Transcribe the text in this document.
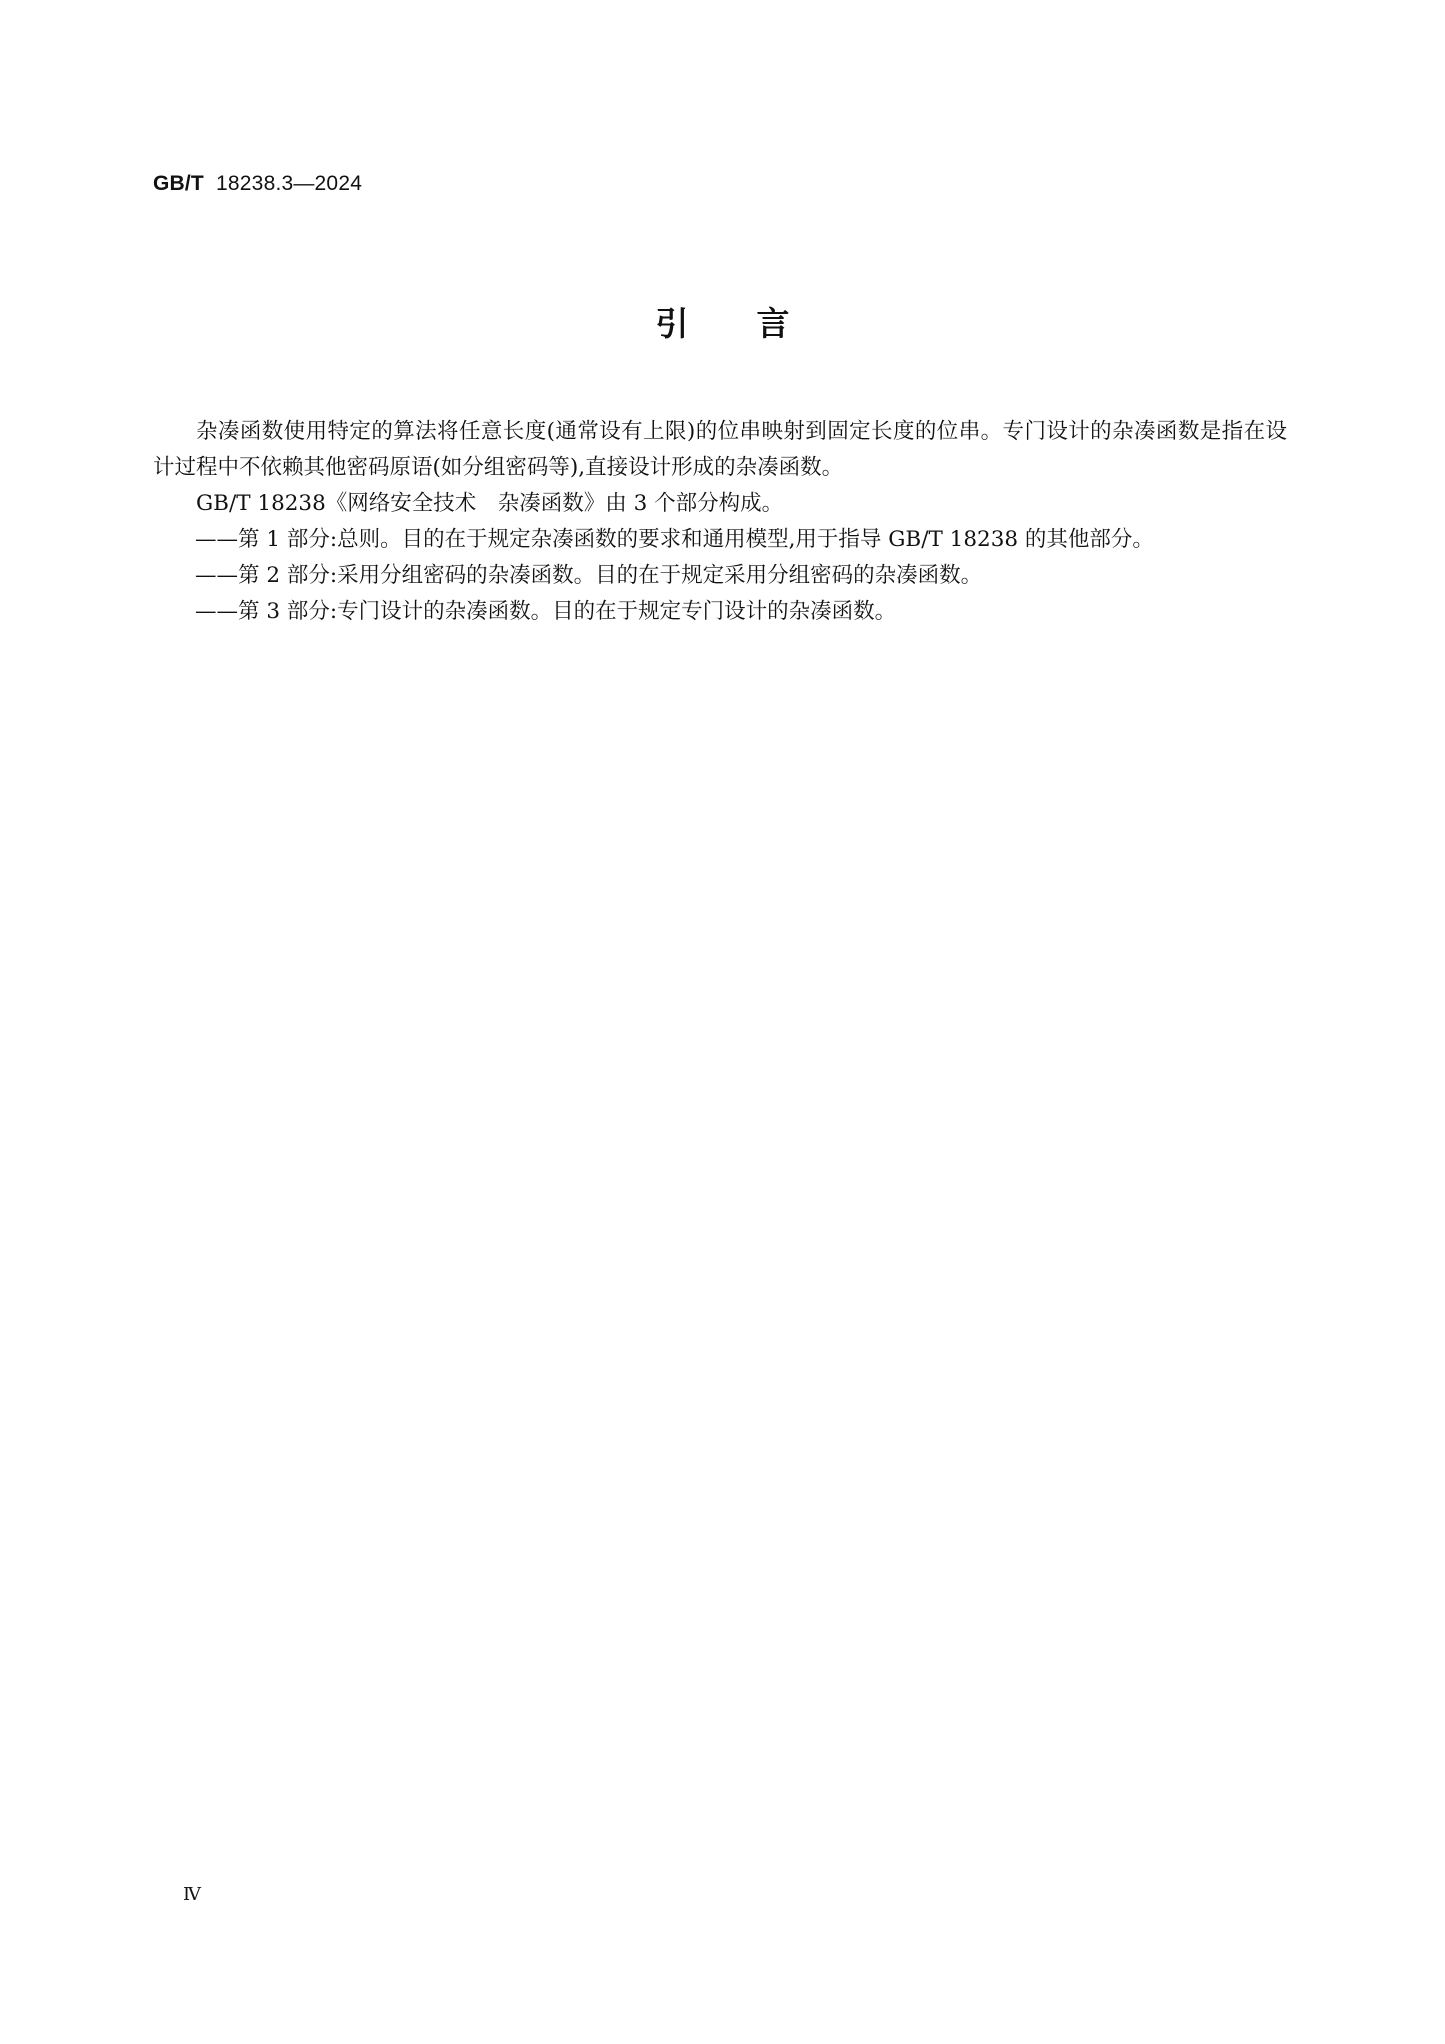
GB/T 18238.3—2024
引言

杂凑函数使用特定的算法将任意长度(通常设有上限)的位串映射到固定长度的位串。专门设计的杂凑函数是指在设计过程中不依赖其他密码原语(如分组密码等),直接设计形成的杂凑函数。

GB/T 18238《网络安全技术　杂凑函数》由 3 个部分构成。

——第 1 部分:总则。目的在于规定杂凑函数的要求和通用模型,用于指导 GB/T 18238 的其他部分。

——第 2 部分:采用分组密码的杂凑函数。目的在于规定采用分组密码的杂凑函数。

——第 3 部分:专门设计的杂凑函数。目的在于规定专门设计的杂凑函数。

Ⅳ
